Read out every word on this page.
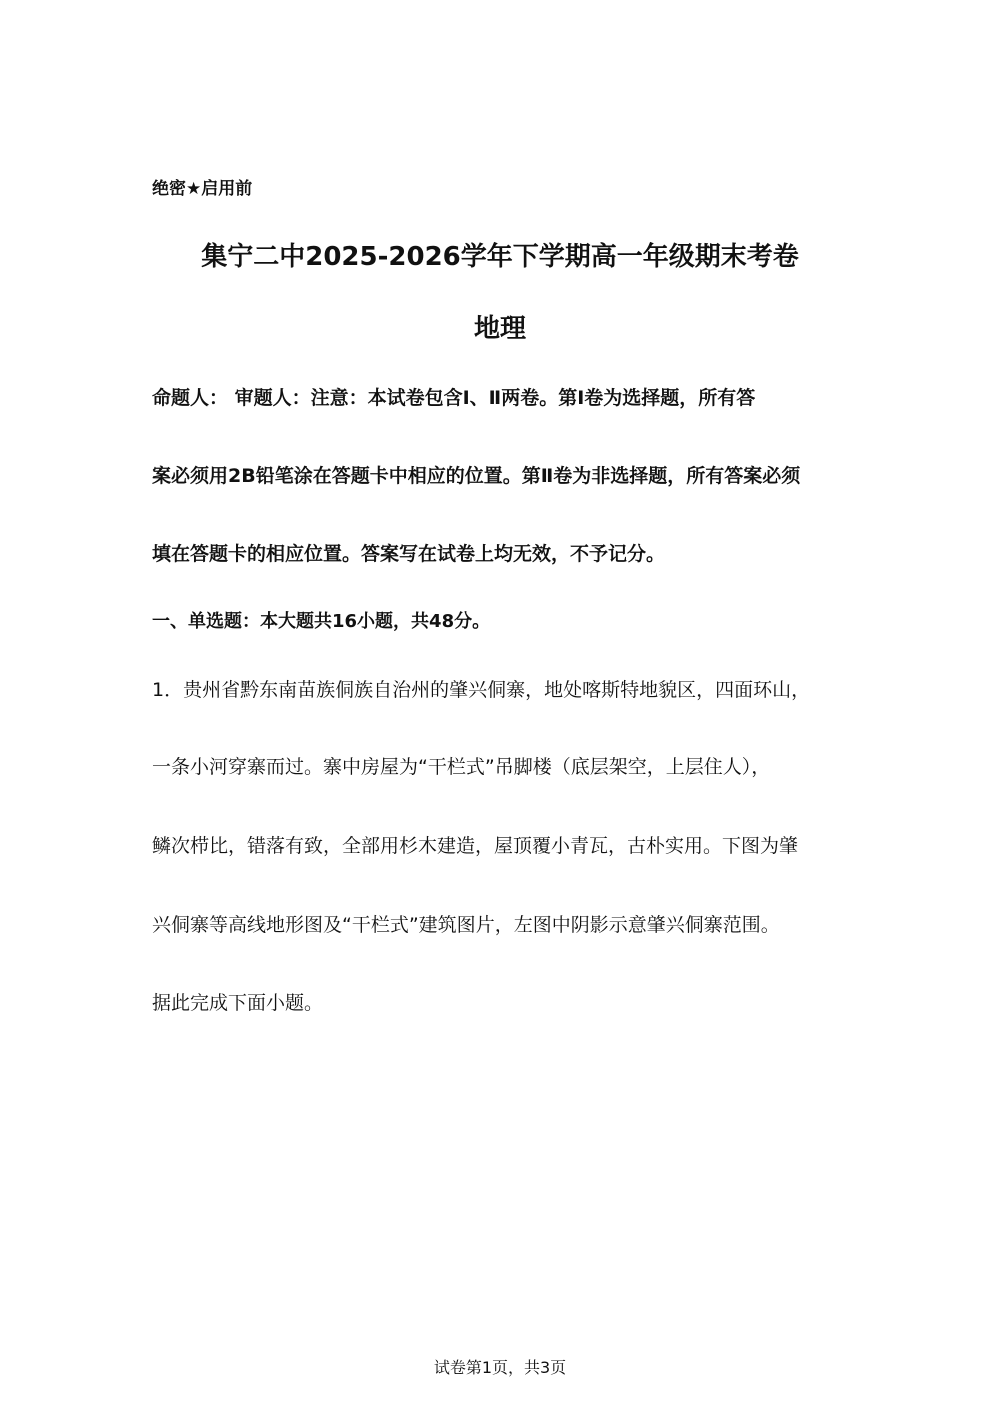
绝密★启用前
集宁二中2025-2026学年下学期高一年级期末考卷
地理
命题人： 审题人：注意：本试卷包含Ⅰ、Ⅱ两卷。第Ⅰ卷为选择题，所有答
案必须用2B铅笔涂在答题卡中相应的位置。第Ⅱ卷为非选择题，所有答案必须
填在答题卡的相应位置。答案写在试卷上均无效，不予记分。
一、单选题：本大题共16小题，共48分。
1．贵州省黔东南苗族侗族自治州的肇兴侗寨，地处喀斯特地貌区，四面环山，
一条小河穿寨而过。寨中房屋为“干栏式”吊脚楼（底层架空，上层住人），
鳞次栉比，错落有致，全部用杉木建造，屋顶覆小青瓦，古朴实用。下图为肇
兴侗寨等高线地形图及“干栏式”建筑图片，左图中阴影示意肇兴侗寨范围。
据此完成下面小题。
试卷第1页，共3页
